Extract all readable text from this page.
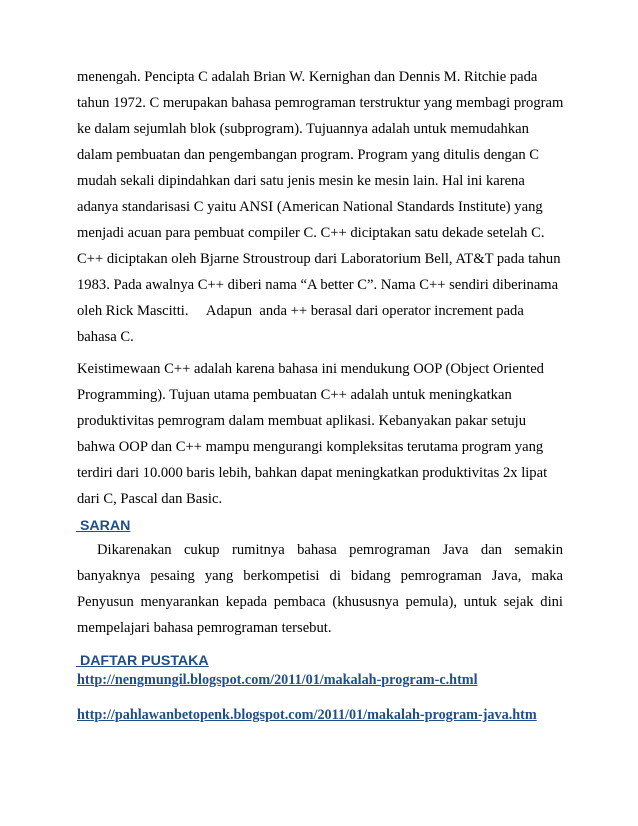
menengah. Pencipta C adalah Brian W. Kernighan dan Dennis M. Ritchie pada
tahun 1972. C merupakan bahasa pemrograman terstruktur yang membagi program
ke dalam sejumlah blok (subprogram). Tujuannya adalah untuk memudahkan
dalam pembuatan dan pengembangan program. Program yang ditulis dengan C
mudah sekali dipindahkan dari satu jenis mesin ke mesin lain. Hal ini karena
adanya standarisasi C yaitu ANSI (American National Standards Institute) yang
menjadi acuan para pembuat compiler C. C++ diciptakan satu dekade setelah C.
C++ diciptakan oleh Bjarne Stroustroup dari Laboratorium Bell, AT&T pada tahun
1983. Pada awalnya C++ diberi nama “A better C”. Nama C++ sendiri diberinama
oleh Rick Mascitti.     Adapun  anda ++ berasal dari operator increment pada
bahasa C.
Keistimewaan C++ adalah karena bahasa ini mendukung OOP (Object Oriented
Programming). Tujuan utama pembuatan C++ adalah untuk meningkatkan
produktivitas pemrogram dalam membuat aplikasi. Kebanyakan pakar setuju
bahwa OOP dan C++ mampu mengurangi kompleksitas terutama program yang
terdiri dari 10.000 baris lebih, bahkan dapat meningkatkan produktivitas 2x lipat
dari C, Pascal dan Basic.
SARAN
Dikarenakan cukup rumitnya bahasa pemrograman Java dan semakin
banyaknya pesaing yang berkompetisi di bidang pemrograman Java, maka
Penyusun menyarankan kepada pembaca (khususnya pemula), untuk sejak dini
mempelajari bahasa pemrograman tersebut.
DAFTAR PUSTAKA
http://nengmungil.blogspot.com/2011/01/makalah-program-c.html
http://pahlawanbetopenk.blogspot.com/2011/01/makalah-program-java.htm
